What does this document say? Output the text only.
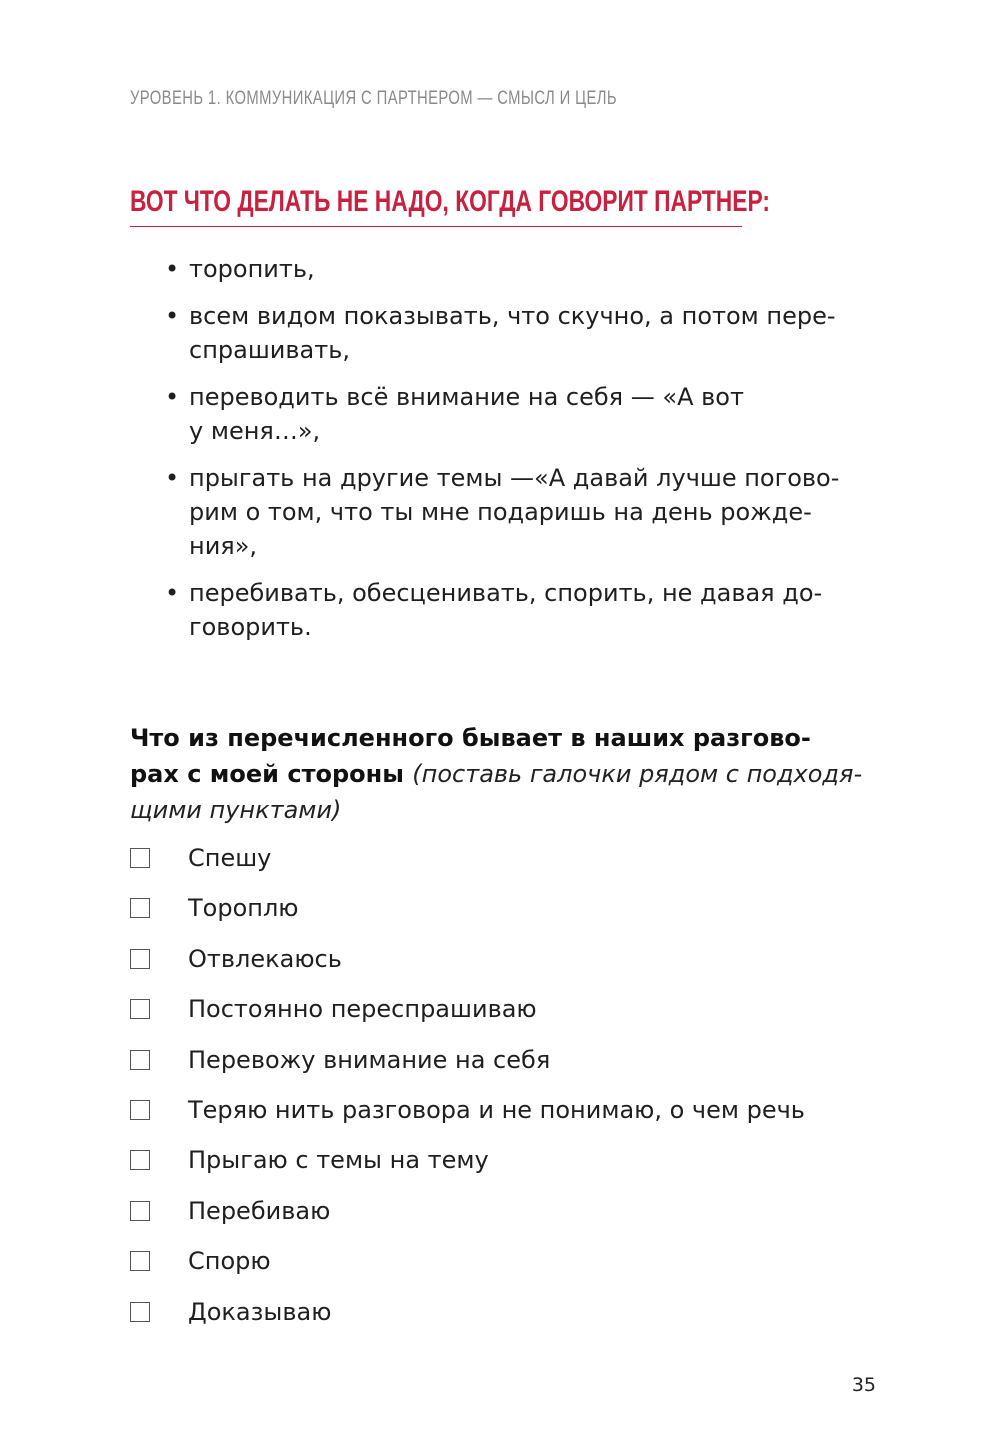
УРОВЕНЬ 1. КОММУНИКАЦИЯ С ПАРТНЕРОМ — СМЫСЛ И ЦЕЛЬ
ВОТ ЧТО ДЕЛАТЬ НЕ НАДО, КОГДА ГОВОРИТ ПАРТНЕР:
• торопить,
• всем видом показывать, что скучно, а потом пере-
спрашивать,
• переводить всё внимание на себя — «А вот
у меня…»,
• прыгать на другие темы —«А давай лучше погово-
рим о том, что ты мне подаришь на день рожде-
ния»,
• перебивать, обесценивать, спорить, не давая до-
говорить.
Что из перечисленного бывает в наших разгово-
рах с моей стороны (поставь галочки рядом с подходя-
щими пунктами)
Спешу
Тороплю
Отвлекаюсь
Постоянно переспрашиваю
Перевожу внимание на себя
Теряю нить разговора и не понимаю, о чем речь
Прыгаю с темы на тему
Перебиваю
Спорю
Доказываю
35
